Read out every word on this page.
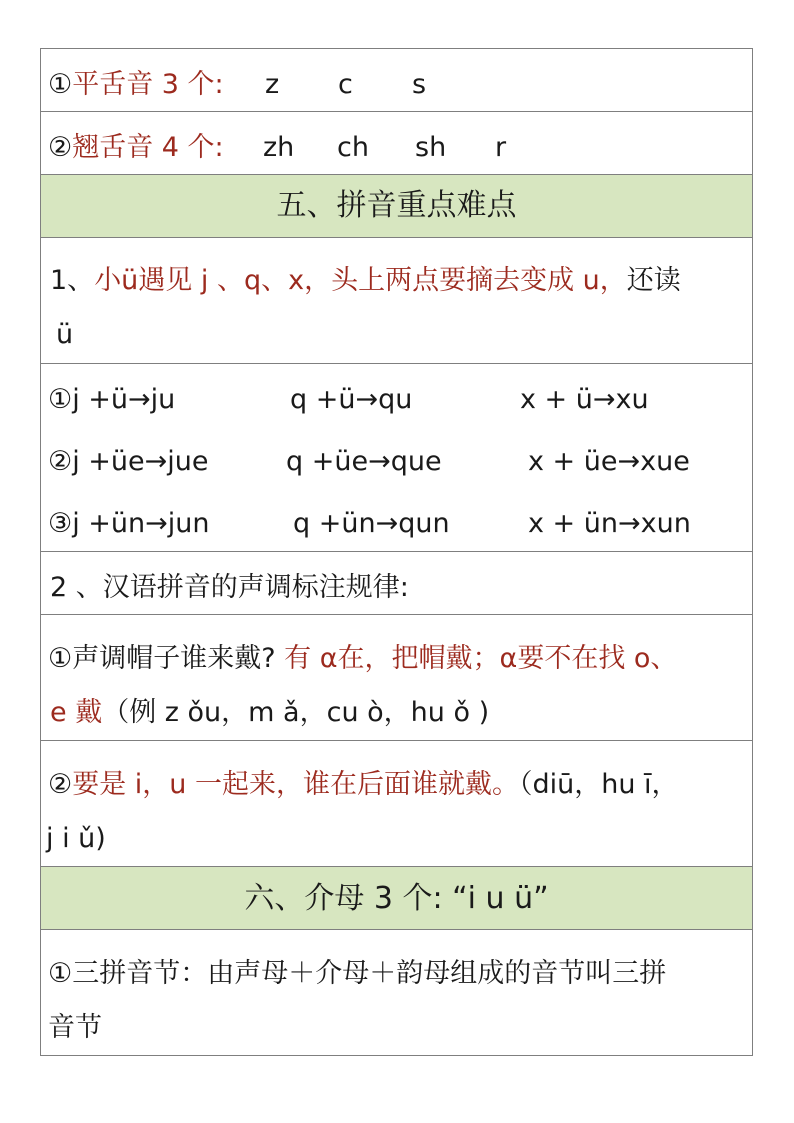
①平舌音 3 个: z c s
②翘舌音 4 个: zh ch sh r
五、拼音重点难点
1、小ü遇见 j 、q、x，头上两点要摘去变成 u，还读
ü
①j +ü→ju	q +ü→qu	x + ü→xu
②j +üe→jue	q +üe→que	x + üe→xue
③j +ün→jun	q +ün→qun	x + ün→xun
2 、汉语拼音的声调标注规律:
①声调帽子谁来戴? 有 α在，把帽戴；α要不在找 o、
e 戴（例 z ǒu，m ǎ，cu ò，hu ǒ )
②要是 i，u 一起来，谁在后面谁就戴。（diū，hu ī，
j i ǔ)
六、介母 3 个: “i u ü”
①三拼音节：由声母＋介母＋韵母组成的音节叫三拼
音节
